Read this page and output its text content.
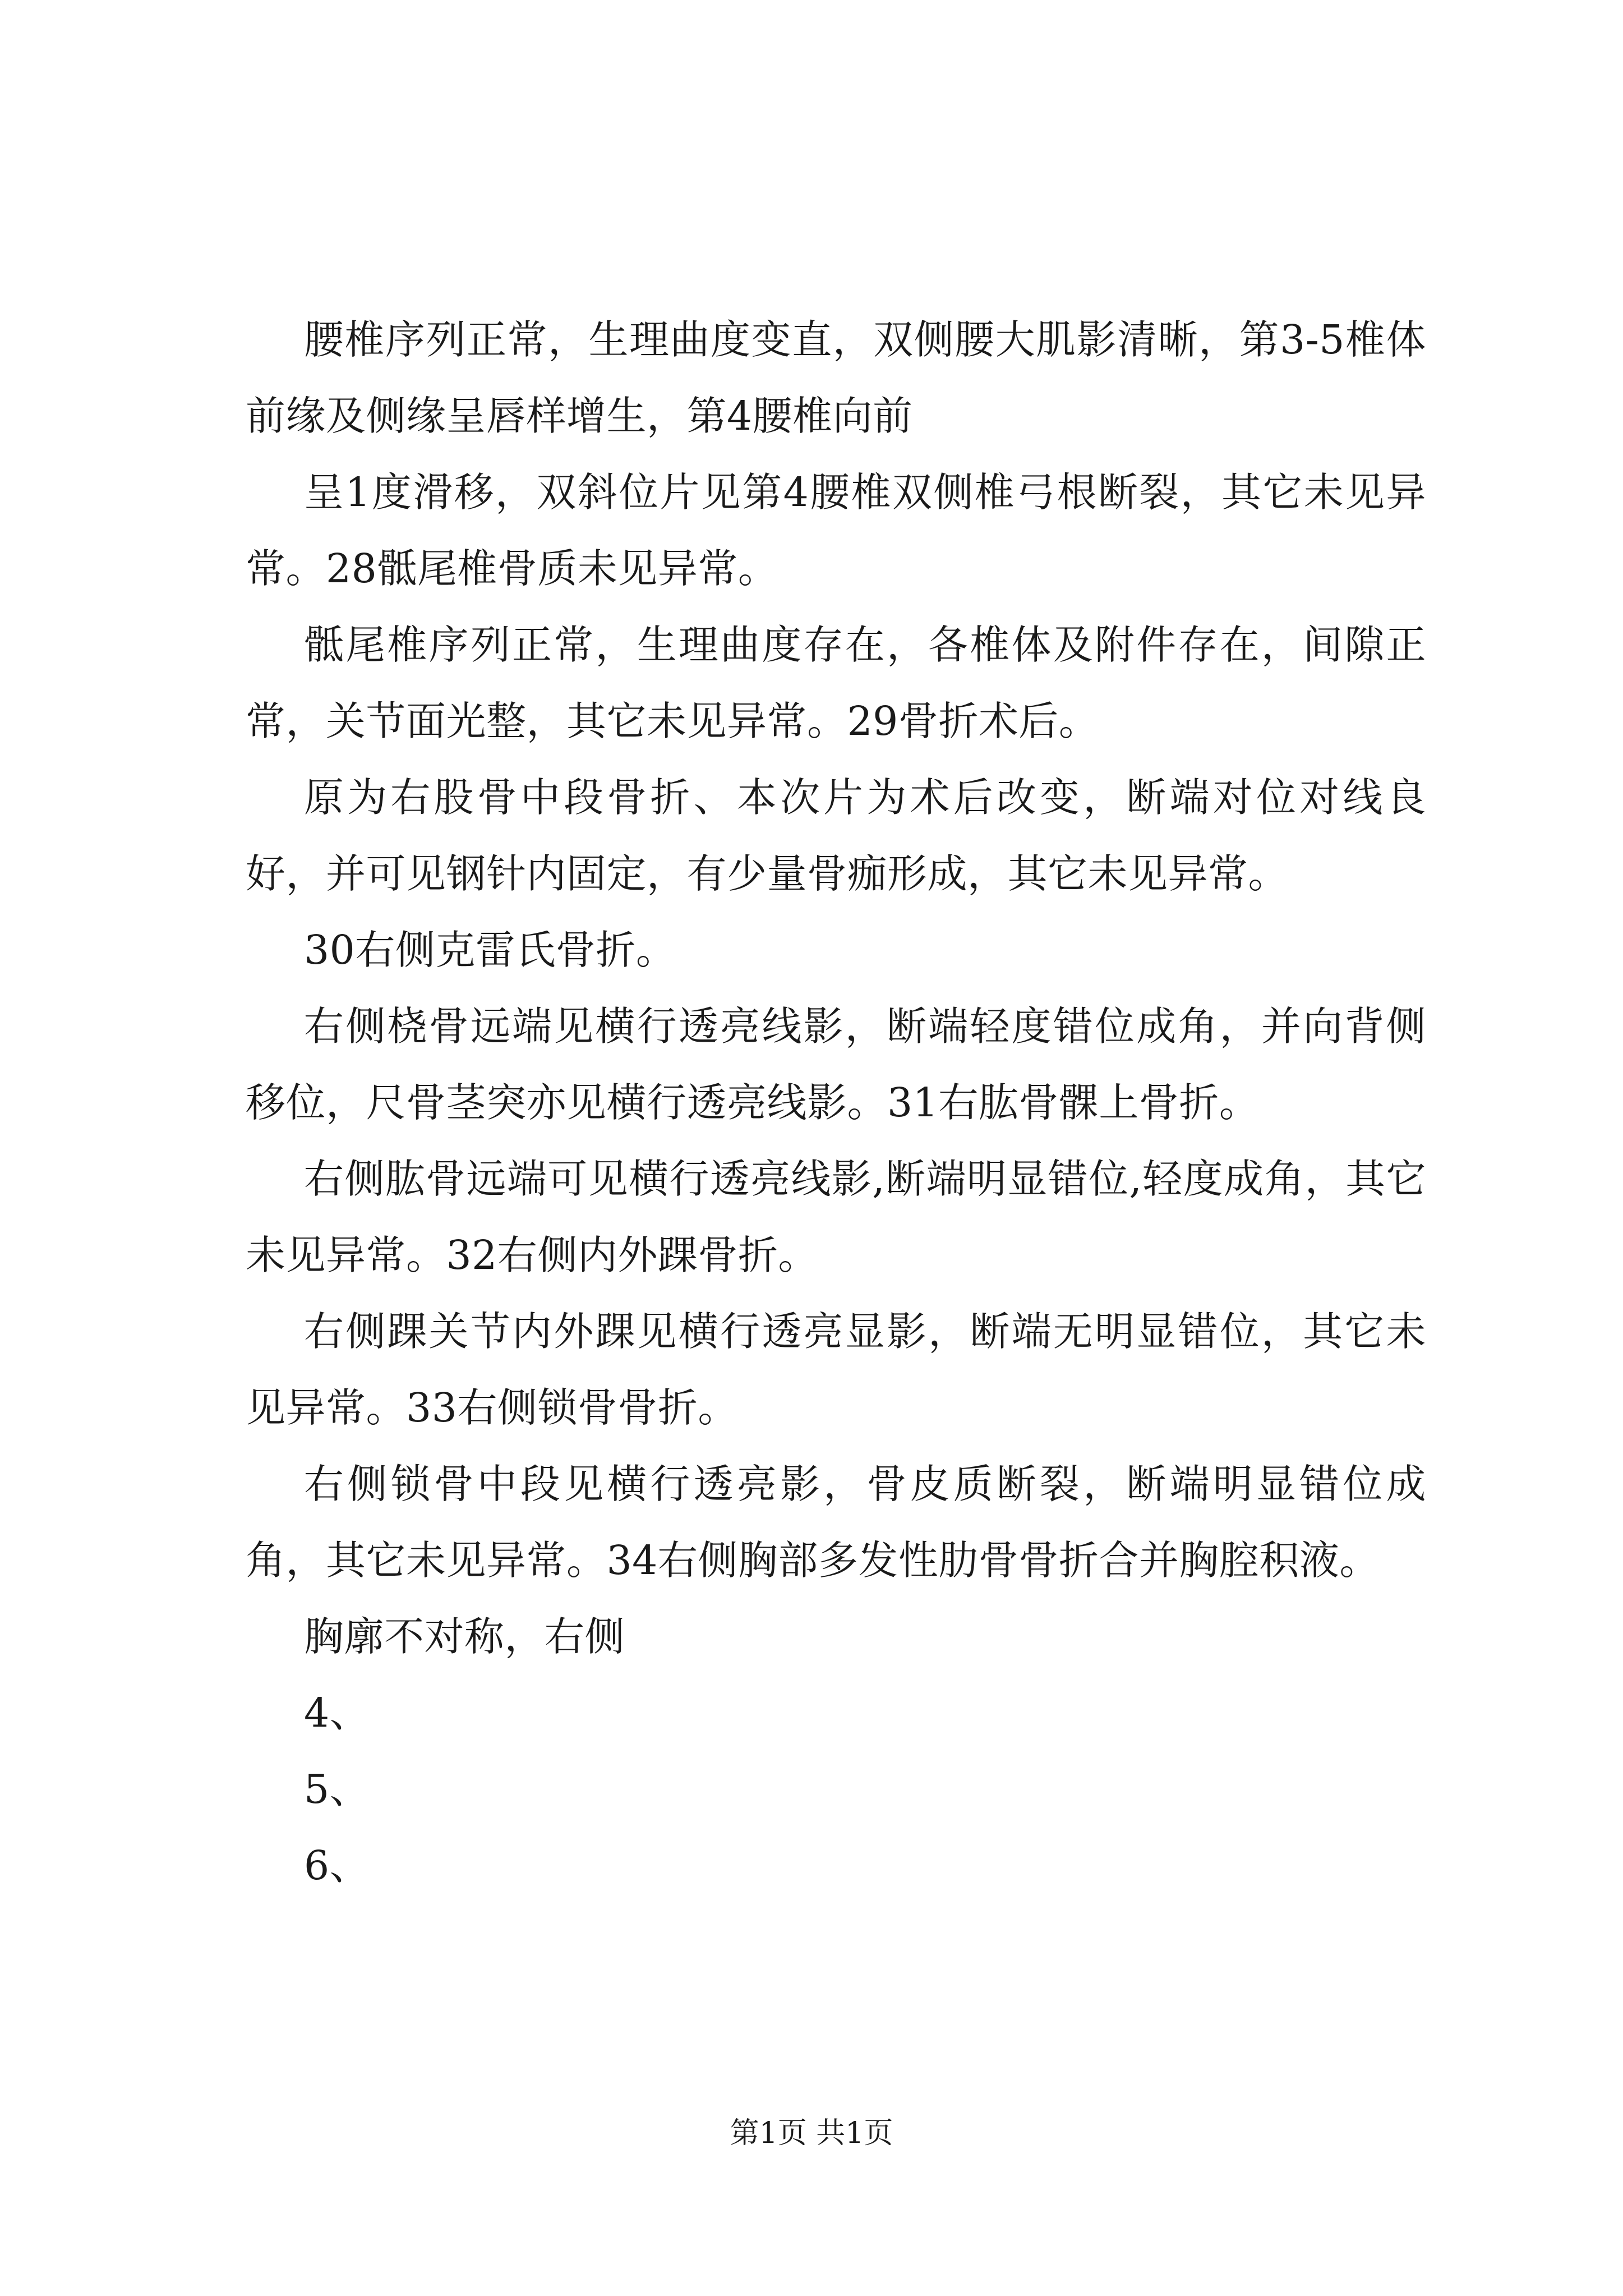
腰椎序列正常，生理曲度变直，双侧腰大肌影清晰，第3-5椎体前缘及侧缘呈唇样增生，第4腰椎向前

呈1度滑移，双斜位片见第4腰椎双侧椎弓根断裂，其它未见异常。28骶尾椎骨质未见异常。

骶尾椎序列正常，生理曲度存在，各椎体及附件存在，间隙正常，关节面光整，其它未见异常。29骨折术后。

原为右股骨中段骨折、本次片为术后改变，断端对位对线良好，并可见钢针内固定，有少量骨痂形成，其它未见异常。

30右侧克雷氏骨折。

右侧桡骨远端见横行透亮线影，断端轻度错位成角，并向背侧移位，尺骨茎突亦见横行透亮线影。31右肱骨髁上骨折。

右侧肱骨远端可见横行透亮线影,断端明显错位,轻度成角，其它未见异常。32右侧内外踝骨折。

右侧踝关节内外踝见横行透亮显影，断端无明显错位，其它未见异常。33右侧锁骨骨折。

右侧锁骨中段见横行透亮影，骨皮质断裂，断端明显错位成角，其它未见异常。34右侧胸部多发性肋骨骨折合并胸腔积液。

胸廓不对称，右侧

4、

5、

6、

第1页 共1页
